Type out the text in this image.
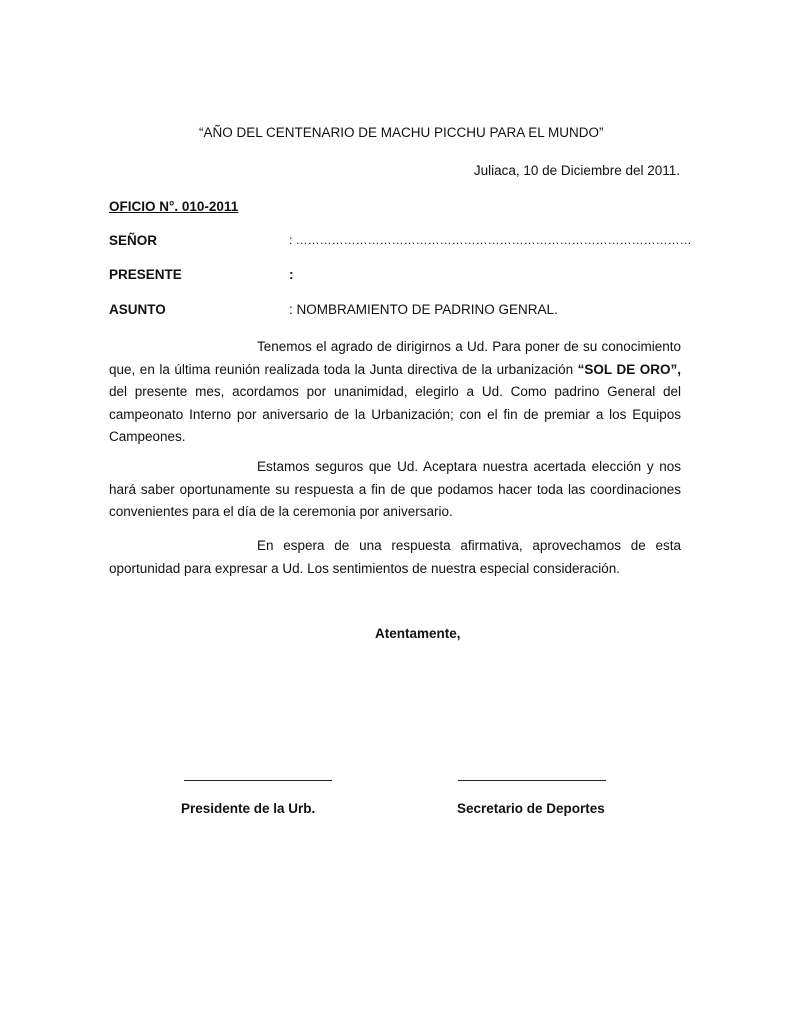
“AÑO DEL CENTENARIO DE MACHU PICCHU PARA EL MUNDO”
Juliaca, 10 de Diciembre del 2011.
OFICIO N°. 010-2011
SEÑOR	: ………………………………………………………………………………………
PRESENTE	:
ASUNTO	: NOMBRAMIENTO DE PADRINO GENRAL.
Tenemos el agrado de dirigirnos a Ud. Para poner de su conocimiento que, en la última reunión realizada toda la Junta directiva de la urbanización “SOL DE ORO”, del presente mes, acordamos por unanimidad, elegirlo a Ud. Como padrino General del campeonato Interno por aniversario de la Urbanización; con el fin de premiar a los Equipos Campeones.
Estamos seguros que Ud. Aceptara nuestra acertada elección y nos hará saber oportunamente su respuesta a fin de que podamos hacer toda las coordinaciones convenientes para el día de la ceremonia por aniversario.
En espera de una respuesta afirmativa, aprovechamos de esta oportunidad para expresar a Ud. Los sentimientos de nuestra especial consideración.
Atentamente,
Presidente de la Urb.	Secretario de Deportes
